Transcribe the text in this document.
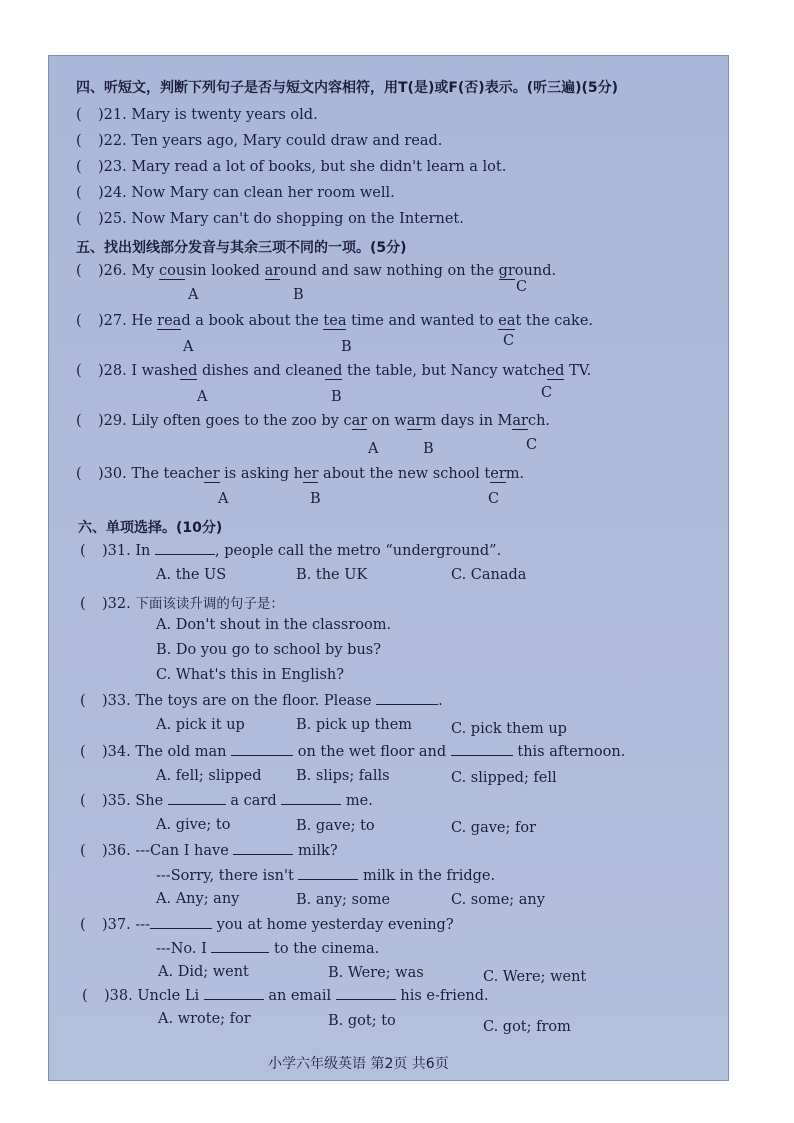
四、听短文，判断下列句子是否与短文内容相符，用T(是)或F(否)表示。(听三遍)(5分)
( )21. Mary is twenty years old.
( )22. Ten years ago, Mary could draw and read.
( )23. Mary read a lot of books, but she didn't learn a lot.
( )24. Now Mary can clean her room well.
( )25. Now Mary can't do shopping on the Internet.
五、找出划线部分发音与其余三项不同的一项。(5分)
( )26. My cousin looked around and saw nothing on the ground.
A	B	C
( )27. He read a book about the tea time and wanted to eat the cake.
A	B	C
( )28. I washed dishes and cleaned the table, but Nancy watched TV.
A	B	C
( )29. Lily often goes to the zoo by car on warm days in March.
A	B	C
( )30. The teacher is asking her about the new school term.
A	B	C
六、单项选择。(10分)
( )31. In	, people call the metro “underground”.
A. the US	B. the UK	C. Canada
( )32. 下面该读升调的句子是：
A. Don't shout in the classroom.
B. Do you go to school by bus?
C. What's this in English?
( )33. The toys are on the floor. Please	.
A. pick it up	B. pick up them	C. pick them up
( )34. The old man	on the wet floor and	this afternoon.
A. fell; slipped B. slips; falls	C. slipped; fell
( )35. She	a card	me.
A. give; to	B. gave; to	C. gave; for
( )36. ---Can I have	milk?
---Sorry, there isn't	milk in the fridge.
A. Any; any	B. any; some	C. some; any
( )37. ---	you at home yesterday evening?
---No. I	to the cinema.
A. Did; went	B. Were; was	C. Were; went
( )38. Uncle Li	an email	his e-friend.
A. wrote; for	B. got; to	C. got; from
小学六年级英语 第2页 共6页
